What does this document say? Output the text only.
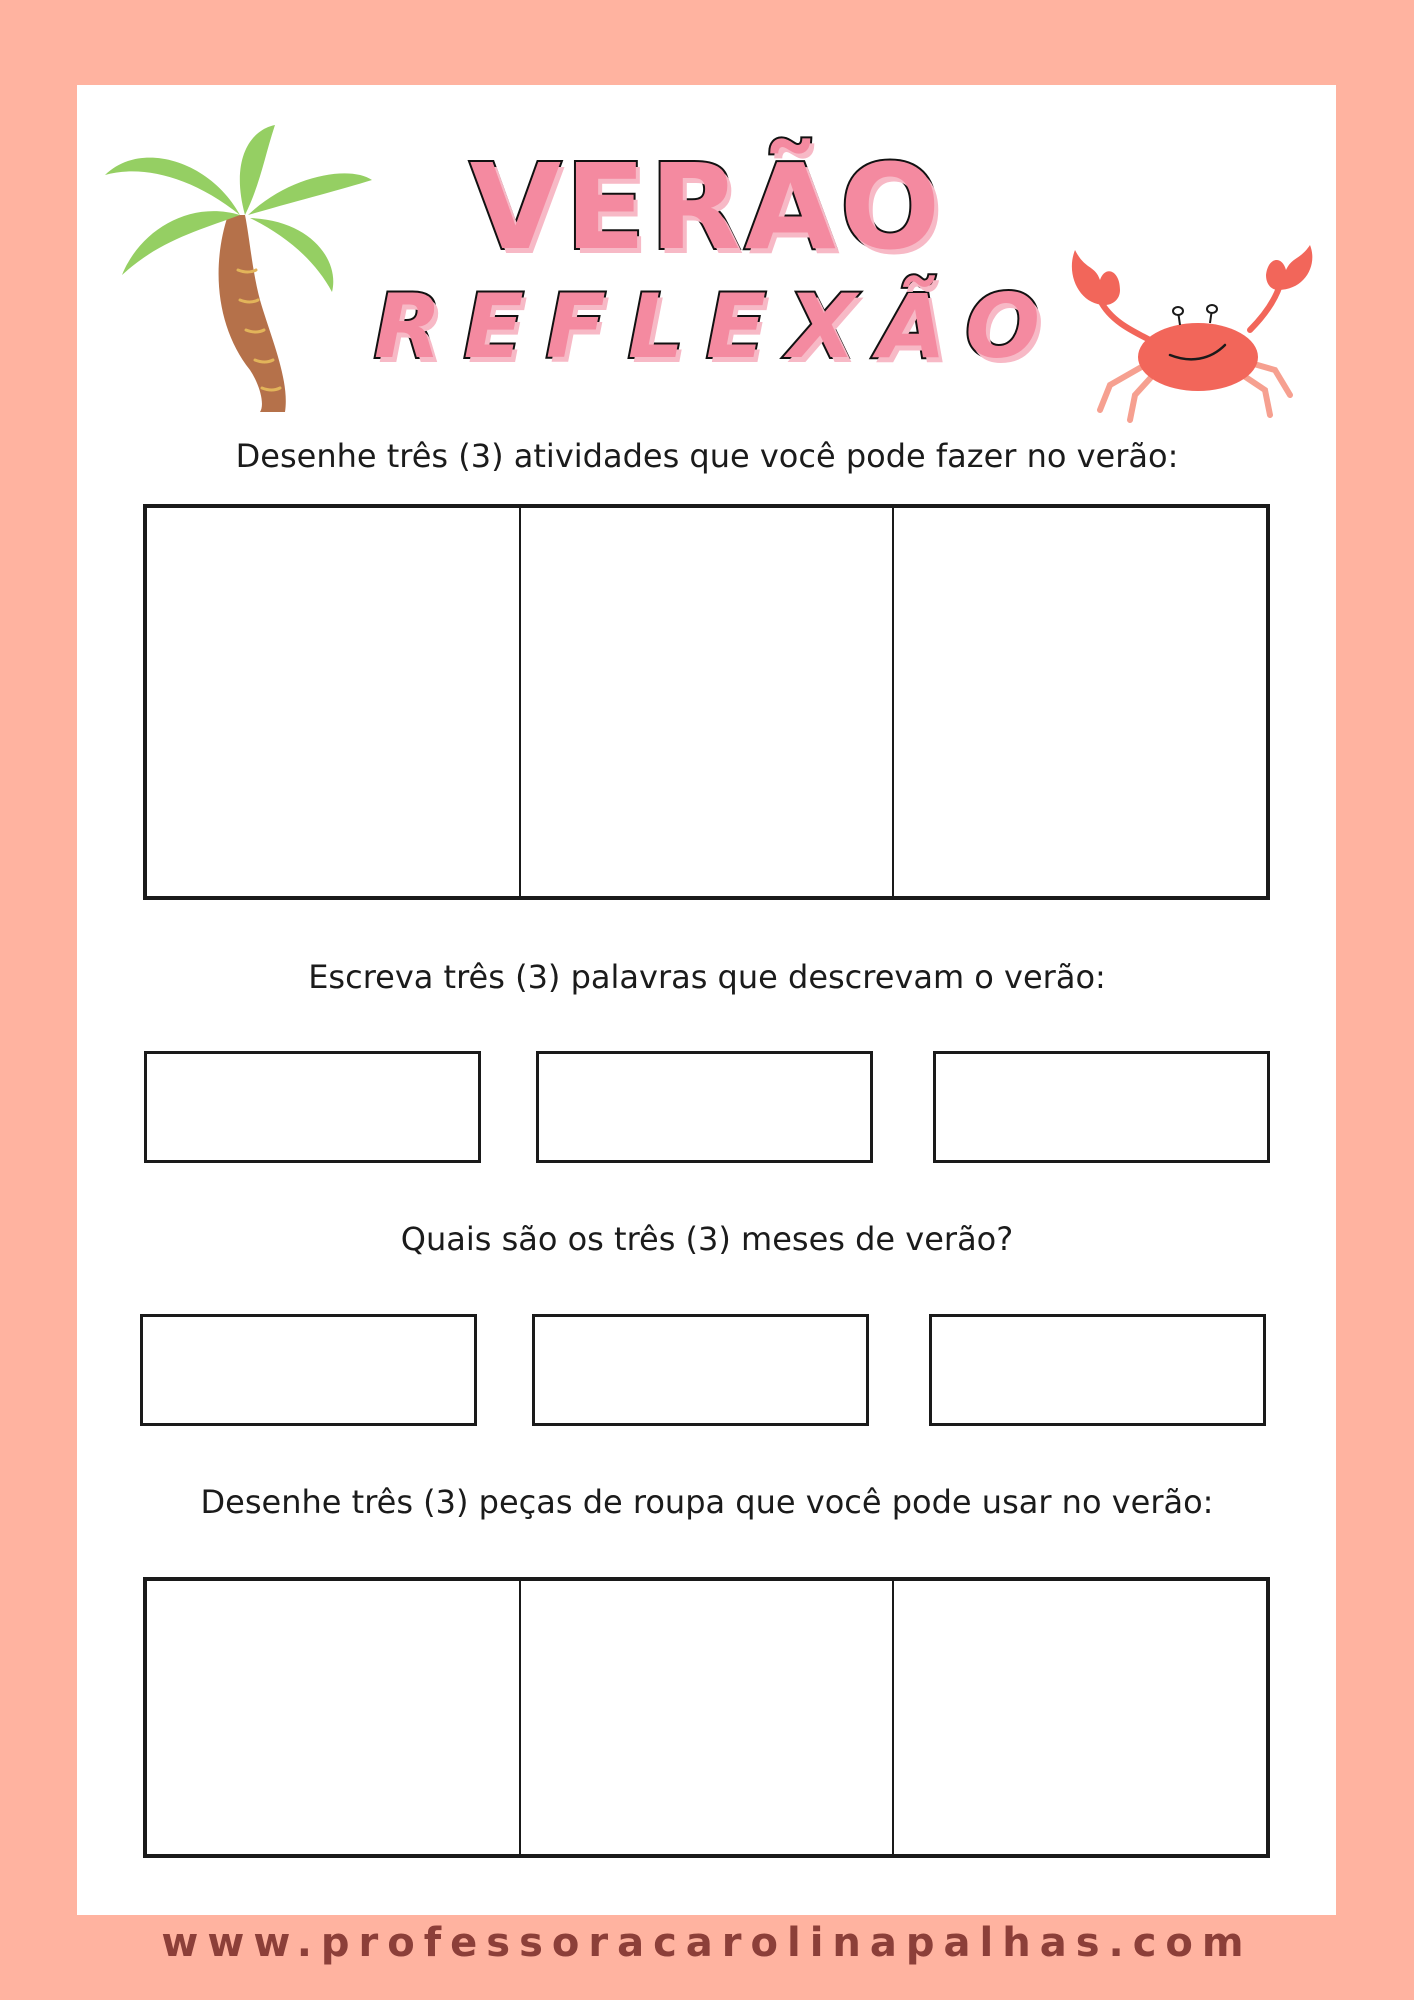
VERÃO
REFLEXÃO
Desenhe três (3) atividades que você pode fazer no verão:
Escreva três (3) palavras que descrevam o verão:
Quais são os três (3) meses de verão?
Desenhe três (3) peças de roupa que você pode usar no verão:
www.professoracarolinapalhas.com
